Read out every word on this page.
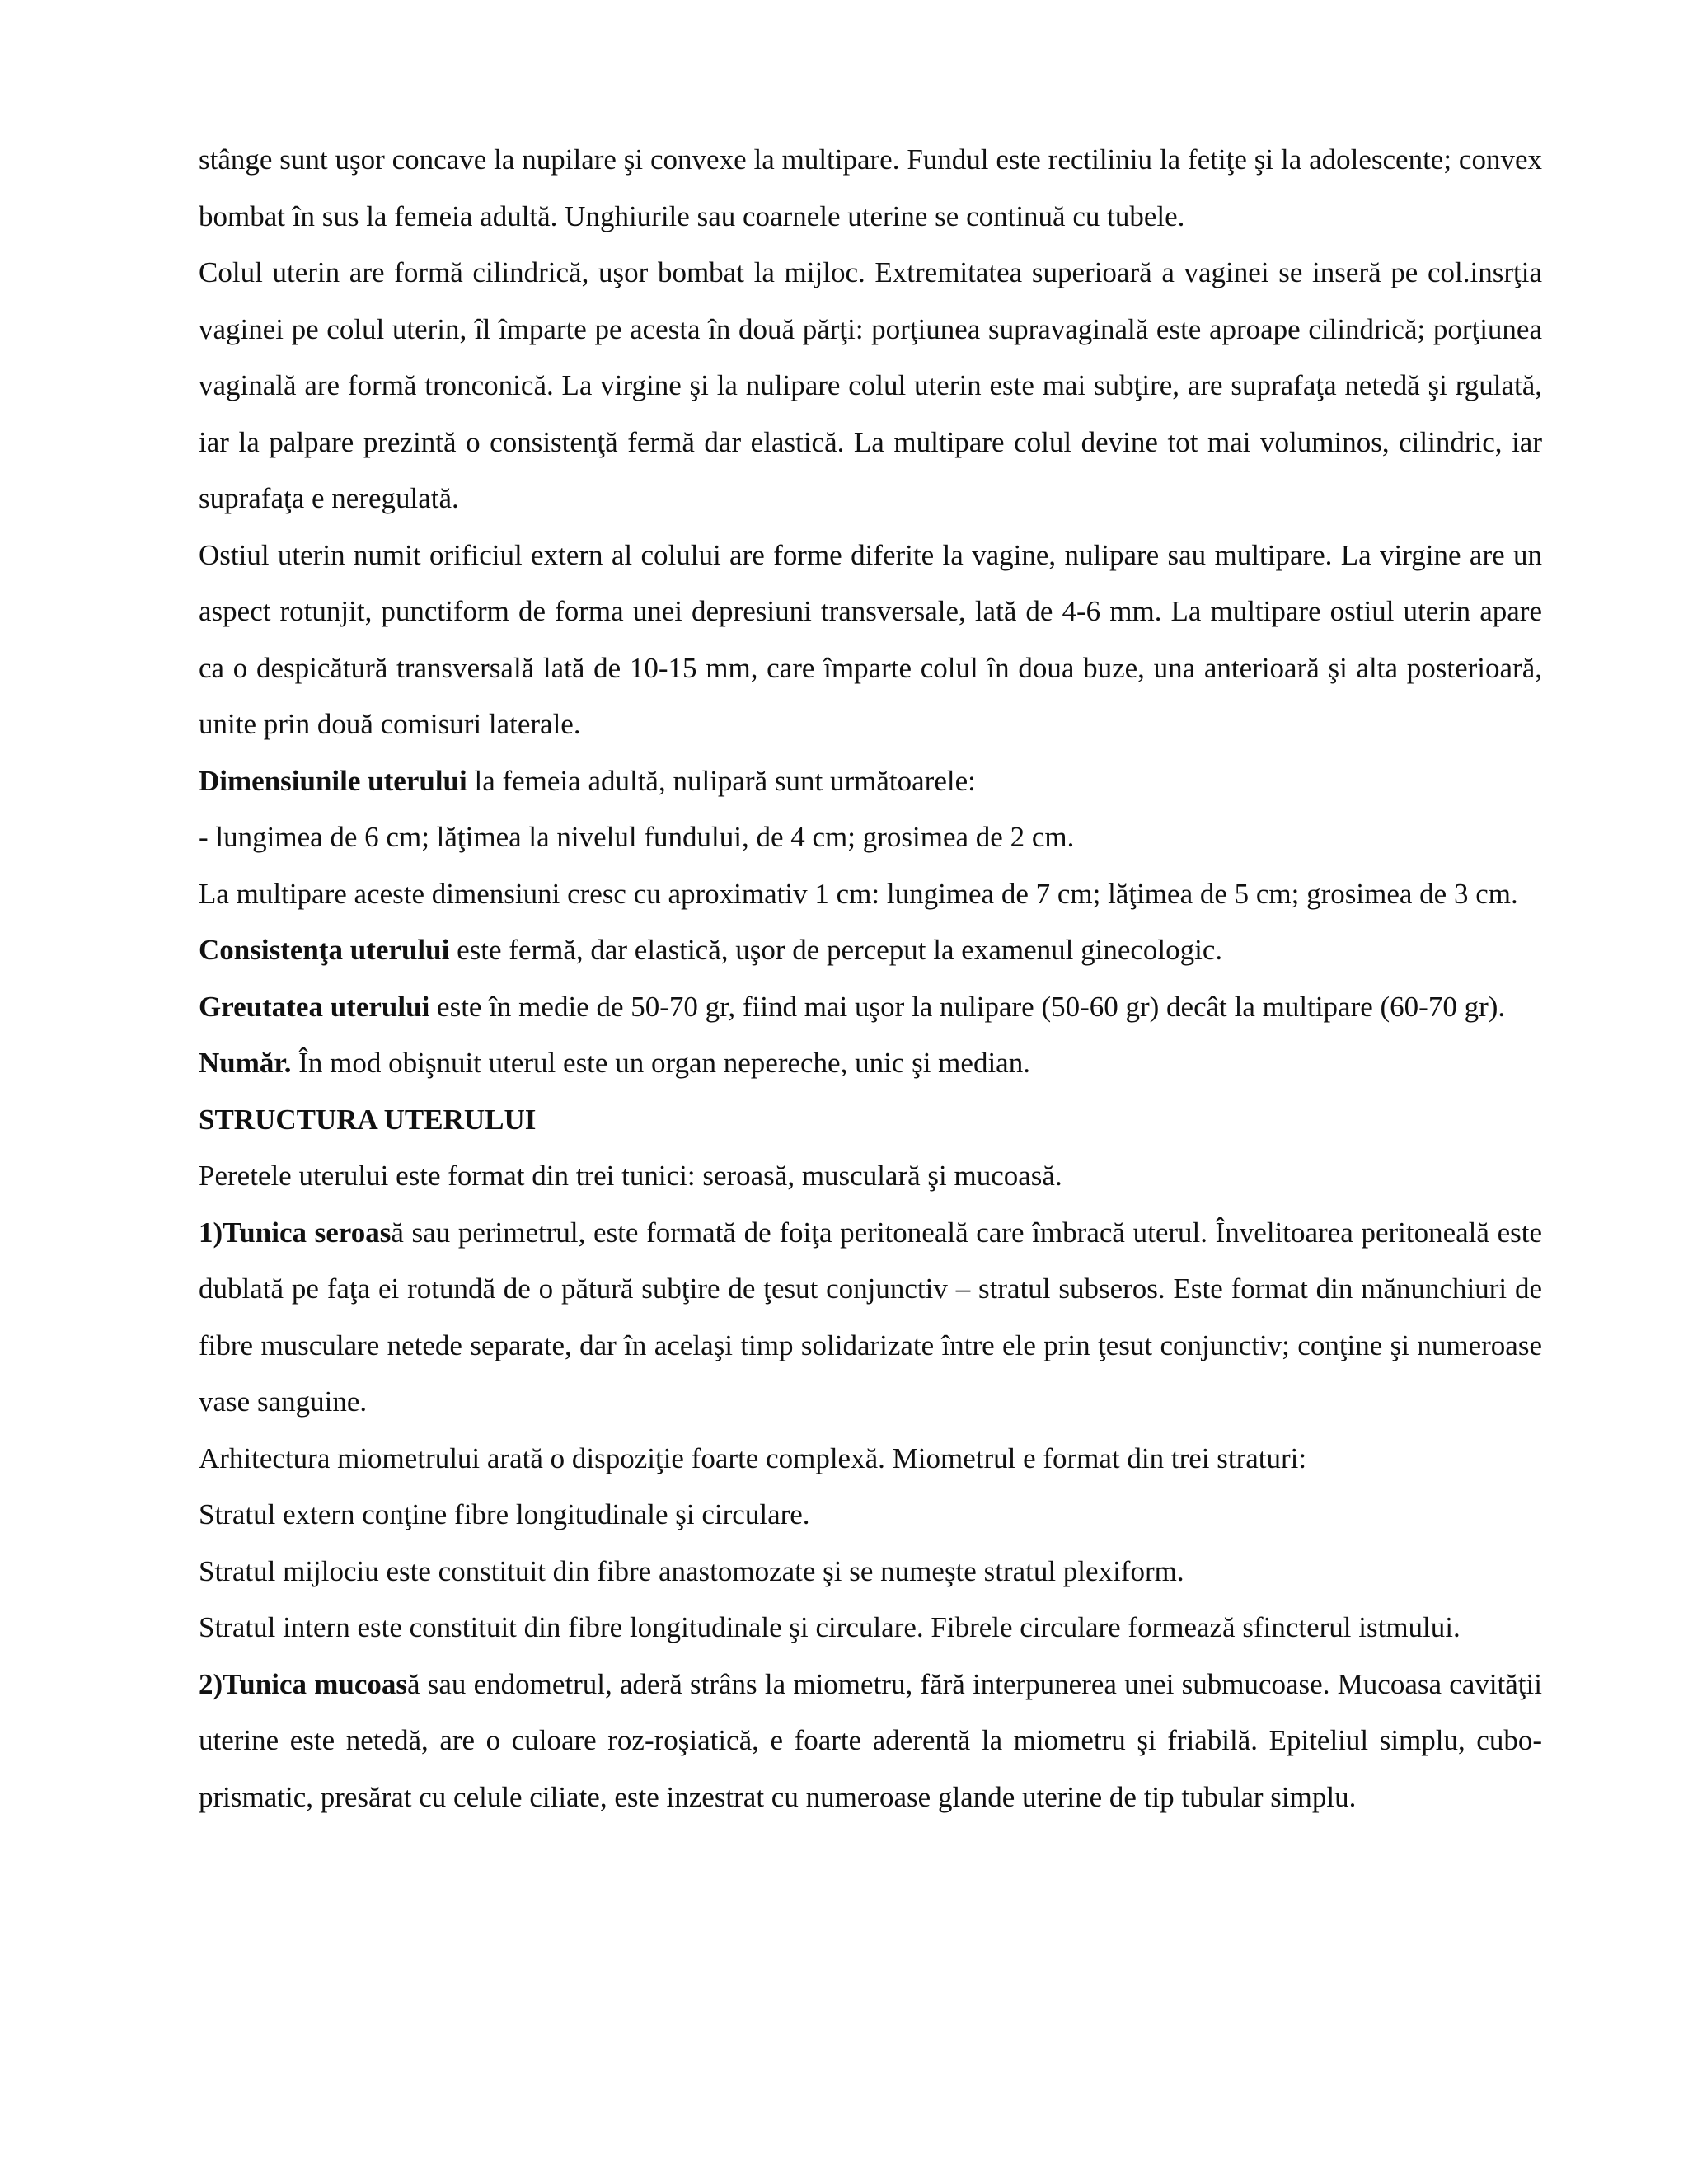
stânge sunt uşor concave la nupilare şi convexe la multipare. Fundul este rectiliniu la fetiţe şi la adolescente; convex bombat în sus la femeia adultă. Unghiurile sau coarnele uterine se continuă cu tubele.

Colul uterin are formă cilindrică, uşor bombat la mijloc. Extremitatea superioară a vaginei se inseră pe col.insrţia vaginei pe colul uterin, îl împarte pe acesta în două părţi: porţiunea supravaginală este aproape cilindrică; porţiunea vaginală are formă tronconică. La virgine şi la nulipare colul uterin este mai subţire, are suprafaţa netedă şi rgulată, iar la palpare prezintă o consistenţă fermă dar elastică. La multipare colul devine tot mai voluminos, cilindric, iar suprafaţa e neregulată.

Ostiul uterin numit orificiul extern al colului are forme diferite la vagine, nulipare sau multipare. La virgine are un aspect rotunjit, punctiform de forma unei depresiuni transversale, lată de 4-6 mm. La multipare ostiul uterin apare ca o despicătură transversală lată de 10-15 mm, care împarte colul în doua buze, una anterioară şi alta posterioară, unite prin două comisuri laterale.

Dimensiunile uterului la femeia adultă, nulipară sunt următoarele:

- lungimea de 6 cm; lăţimea la nivelul fundului, de 4 cm; grosimea de 2 cm.

La multipare aceste dimensiuni cresc cu aproximativ 1 cm: lungimea de 7 cm; lăţimea de 5 cm; grosimea de 3 cm.

Consistenţa uterului este fermă, dar elastică, uşor de perceput la examenul ginecologic.

Greutatea uterului este în medie de 50-70 gr, fiind mai uşor la nulipare (50-60 gr) decât la multipare (60-70 gr).

Număr. În mod obişnuit uterul este un organ nepereche, unic şi median.

STRUCTURA UTERULUI

Peretele uterului este format din trei tunici: seroasă, musculară şi mucoasă.

1)Tunica seroasă sau perimetrul, este formată de foiţa peritoneală care îmbracă uterul. Învelitoarea peritoneală este dublată pe faţa ei rotundă de o pătură subţire de ţesut conjunctiv – stratul subseros. Este format din mănunchiuri de fibre musculare netede separate, dar în acelaşi timp solidarizate între ele prin ţesut conjunctiv; conţine şi numeroase vase sanguine.

Arhitectura miometrului arată o dispoziţie foarte complexă. Miometrul e format din trei straturi:

Stratul extern conţine fibre longitudinale şi circulare.

Stratul mijlociu este constituit din fibre anastomozate şi se numeşte stratul plexiform.

Stratul intern este constituit din fibre longitudinale şi circulare. Fibrele circulare formează sfincterul istmului.

2)Tunica mucoasă sau endometrul, aderă strâns la miometru, fără interpunerea unei submucoase. Mucoasa cavităţii uterine este netedă, are o culoare roz-roşiatică, e foarte aderentă la miometru şi friabilă. Epiteliul simplu, cubo-prismatic, presărat cu celule ciliate, este inzestrat cu numeroase glande uterine de tip tubular simplu.
